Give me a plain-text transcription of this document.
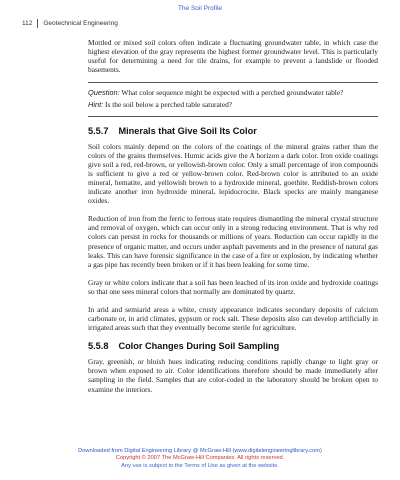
The Soil Profile
112 Geotechnical Engineering

Mottled or mixed soil colors often indicate a fluctuating groundwater table, in which case the highest elevation of the gray represents the highest former groundwater level. This is particularly useful for determining a need for tile drains, for example to prevent a landslide or flooded basements.

Question: What color sequence might be expected with a perched groundwater table?

Hint: Is the soil below a perched table saturated?

5.5.7 Minerals that Give Soil Its Color

Soil colors mainly depend on the colors of the coatings of the mineral grains rather than the colors of the grains themselves. Humic acids give the A horizon a dark color. Iron oxide coatings give soil a red, red-brown, or yellowish-brown color. Only a small percentage of iron compounds is sufficient to give a red or yellow-brown color. Red-brown color is attributed to an oxide mineral, hematite, and yellowish brown to a hydroxide mineral, goethite. Reddish-brown colors indicate another iron hydroxide mineral, lepidocrocite. Black specks are mainly manganese oxides.

Reduction of iron from the ferric to ferrous state requires dismantling the mineral crystal structure and removal of oxygen, which can occur only in a strong reducing environment. That is why red colors can persist in rocks for thousands or millions of years. Reduction can occur rapidly in the presence of organic matter, and occurs under asphalt pavements and in the presence of natural gas leaks. This can have forensic significance in the case of a fire or explosion, by indicating whether a gas pipe has recently been broken or if it has been leaking for some time.

Gray or white colors indicate that a soil has been leached of its iron oxide and hydroxide coatings so that one sees mineral colors that normally are dominated by quartz.

In arid and semiarid areas a white, crusty appearance indicates secondary deposits of calcium carbonate or, in arid climates, gypsum or rock salt. These deposits also can develop artificially in irrigated areas such that they eventually become sterile for agriculture.

5.5.8 Color Changes During Soil Sampling

Gray, greenish, or bluish hues indicating reducing conditions rapidly change to light gray or brown when exposed to air. Color identifications therefore should be made immediately after sampling in the field. Samples that are color-coded in the laboratory should be broken open to examine the interiors.

Downloaded from Digital Engineering Library @ McGraw-Hill (www.digitalengineeringlibrary.com)
Copyright © 2007 The McGraw-Hill Companies. All rights reserved.
Any use is subject to the Terms of Use as given at the website.
